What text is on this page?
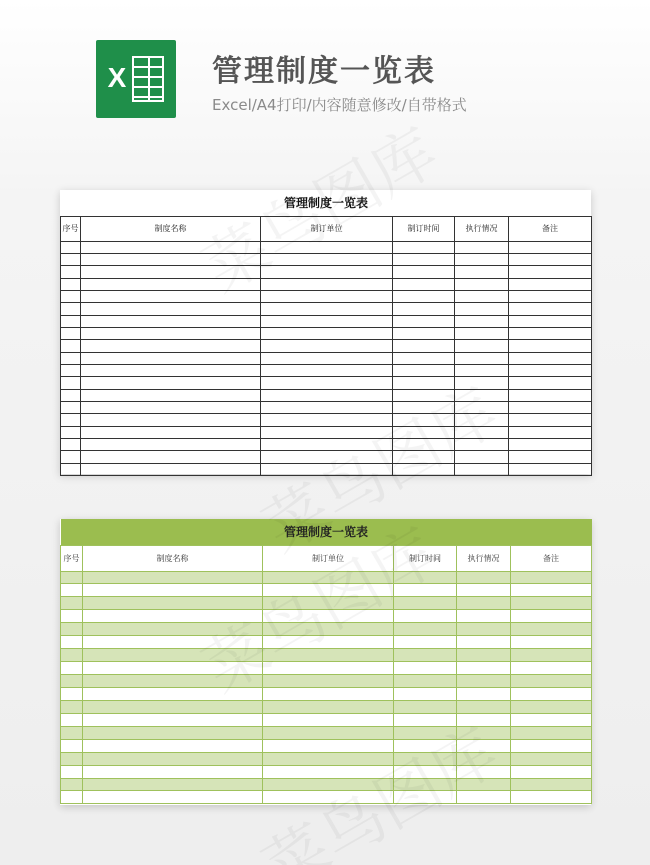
X	管理制度一览表
Excel/A4打印/内容随意修改/自带格式
管理制度一览表					
序号	制度名称	制订单位	制订时间	执行情况	备注

管理制度一览表					
序号	制度名称	制订单位	制订时间	执行情况	备注
